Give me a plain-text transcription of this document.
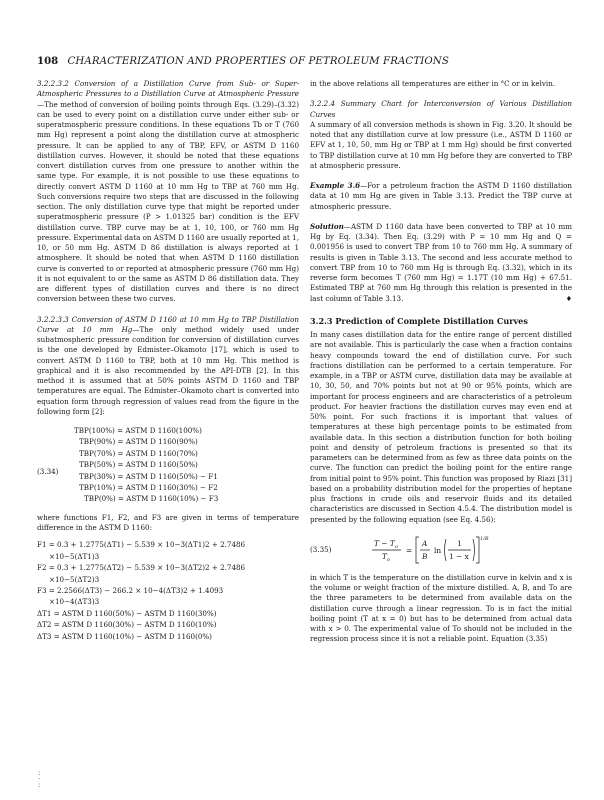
108 CHARACTERIZATION AND PROPERTIES OF PETROLEUM FRACTIONS

3.2.2.3.2 Conversion of a Distillation Curve from Sub- or Super- Atmospheric Pressures to a Distillation Curve at Atmospheric Pressure—The method of conversion of boiling points through Eqs. (3.29)–(3.32) can be used to every point on a distillation curve under either sub- or superatmospheric pressure conditions. In these equations Tb or T (760 mm Hg) represent a point along the distillation curve at atmospheric pressure. It can be applied to any of TBP, EFV, or ASTM D 1160 distillation curves. However, it should be noted that these equations convert distillation curves from one pressure to another within the same type. For example, it is not possible to use these equations to directly convert ASTM D 1160 at 10 mm Hg to TBP at 760 mm Hg. Such conversions require two steps that are discussed in the following section. The only distillation curve type that might be reported under superatmospheric pressure (P > 1.01325 bar) condition is the EFV distillation curve. TBP curve may be at 1, 10, 100, or 760 mm Hg pressure. Experimental data on ASTM D 1160 are usually reported at 1, 10, or 50 mm Hg. ASTM D 86 distillation is always reported at 1 atmosphere. It should be noted that when ASTM D 1160 distillation curve is converted to or reported at atmospheric pressure (760 mm Hg) it is not equivalent to or the same as ASTM D 86 distillation data. They are different types of distillation curves and there is no direct conversion between these two curves.

3.2.2.3.3 Conversion of ASTM D 1160 at 10 mm Hg to TBP Distillation Curve at 10 mm Hg—The only method widely used under subatmospheric pressure condition for conversion of distillation curves is the one developed by Edmister–Okamoto [17], which is used to convert ASTM D 1160 to TBP, both at 10 mm Hg. This method is graphical and it is also recommended by the API-DTB [2]. In this method it is assumed that at 50% points ASTM D 1160 and TBP temperatures are equal. The Edmister–Okamoto chart is converted into equation form through regression of values read from the figure in the following form [2]:

(3.34)
TBP(100%) = ASTM D 1160(100%)
TBP(90%) = ASTM D 1160(90%)
TBP(70%) = ASTM D 1160(70%)
TBP(50%) = ASTM D 1160(50%)
TBP(30%) = ASTM D 1160(50%) − F1
TBP(10%) = ASTM D 1160(30%) − F2
TBP(0%) = ASTM D 1160(10%) − F3

where functions F1, F2, and F3 are given in terms of temperature difference in the ASTM D 1160:

F1 = 0.3 + 1.2775(ΔT1) − 5.539 × 10−3(ΔT1)2 + 2.7486
×10−5(ΔT1)3
F2 = 0.3 + 1.2775(ΔT2) − 5.539 × 10−3(ΔT2)2 + 2.7486
×10−5(ΔT2)3
F3 = 2.2566(ΔT3) − 266.2 × 10−4(ΔT3)2 + 1.4093
×10−4(ΔT3)3
ΔT1 = ASTM D 1160(50%) − ASTM D 1160(30%)
ΔT2 = ASTM D 1160(30%) − ASTM D 1160(10%)
ΔT3 = ASTM D 1160(10%) − ASTM D 1160(0%)

in the above relations all temperatures are either in °C or in kelvin.

3.2.2.4 Summary Chart for Interconversion of Various Distillation Curves
A summary of all conversion methods is shown in Fig. 3.20. It should be noted that any distillation curve at low pressure (i.e., ASTM D 1160 or EFV at 1, 10, 50, mm Hg or TBP at 1 mm Hg) should be first converted to TBP distillation curve at 10 mm Hg before they are converted to TBP at atmospheric pressure.

Example 3.6—For a petroleum fraction the ASTM D 1160 distillation data at 10 mm Hg are given in Table 3.13. Predict the TBP curve at atmospheric pressure.

Solution—ASTM D 1160 data have been converted to TBP at 10 mm Hg by Eq. (3.34). Then Eq. (3.29) with P = 10 mm Hg and Q = 0.001956 is used to convert TBP from 10 to 760 mm Hg. A summary of results is given in Table 3.13. The second and less accurate method to convert TBP from 10 to 760 mm Hg is through Eq. (3.32), which in its reverse form becomes T (760 mm Hg) = 1.17T (10 mm Hg) + 67.51. Estimated TBP at 760 mm Hg through this relation is presented in the last column of Table 3.13.	♦

3.2.3 Prediction of Complete Distillation Curves

In many cases distillation data for the entire range of percent distilled are not available. This is particularly the case when a fraction contains heavy compounds toward the end of distillation curve. For such fractions distillation can be performed to a certain temperature. For example, in a TBP or ASTM curve, distillation data may be available at 10, 30, 50, and 70% points but not at 90 or 95% points, which are important for process engineers and are characteristics of a petroleum product. For heavier fractions the distillation curves may even end at 50% point. For such fractions it is important that values of temperatures at these high percentage points to be estimated from available data. In this section a distribution function for both boiling point and density of petroleum fractions is presented so that its parameters can be determined from as few as three data points on the curve. The function can predict the boiling point for the entire range from initial point to 95% point. This function was proposed by Riazi [31] based on a probability distribution model for the properties of heptane plus fractions in crude oils and reservoir fluids and its detailed characteristics are discussed in Section 4.5.4. The distribution model is presented by the following equation (see Eq. 4.56):

(3.35)
T − T o
T o
=
A
B
ln
1
1 − x
1/B

in which T is the temperature on the distillation curve in kelvin and x is the volume or weight fraction of the mixture distilled. A, B, and To are the three parameters to be determined from available data on the distillation curve through a linear regression. To is in fact the initial boiling point (T at x = 0) but has to be determined from actual data with x > 0. The experimental value of To should not be included in the regression process since it is not a reliable point. Equation (3.35)

:
·
:
